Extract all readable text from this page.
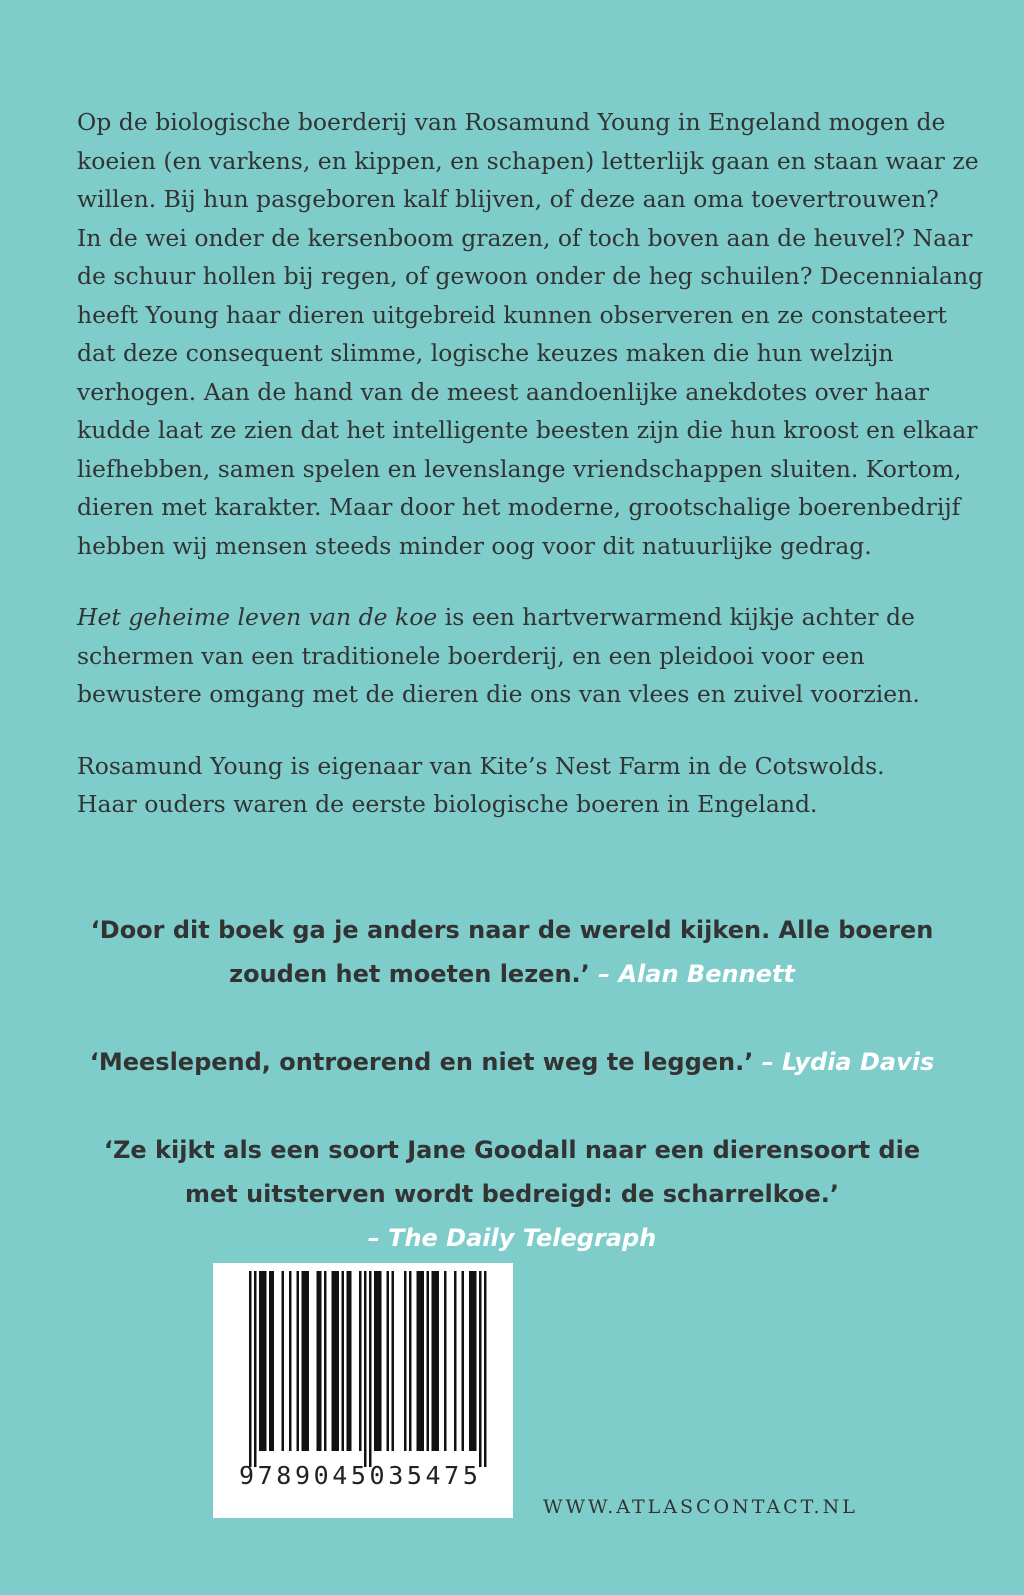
Op de biologische boerderij van Rosamund Young in Engeland mogen de
koeien (en varkens, en kippen, en schapen) letterlijk gaan en staan waar ze
willen. Bij hun pasgeboren kalf blijven, of deze aan oma toevertrouwen?
In de wei onder de kersenboom grazen, of toch boven aan de heuvel? Naar
de schuur hollen bij regen, of gewoon onder de heg schuilen? Decennialang
heeft Young haar dieren uitgebreid kunnen observeren en ze constateert
dat deze consequent slimme, logische keuzes maken die hun welzijn
verhogen. Aan de hand van de meest aandoenlijke anekdotes over haar
kudde laat ze zien dat het intelligente beesten zijn die hun kroost en elkaar
liefhebben, samen spelen en levenslange vriendschappen sluiten. Kortom,
dieren met karakter. Maar door het moderne, grootschalige boerenbedrijf
hebben wij mensen steeds minder oog voor dit natuurlijke gedrag.

Het geheime leven van de koe is een hartverwarmend kijkje achter de
schermen van een traditionele boerderij, en een pleidooi voor een
bewustere omgang met de dieren die ons van vlees en zuivel voorzien.

Rosamund Young is eigenaar van Kite’s Nest Farm in de Cotswolds.
Haar ouders waren de eerste biologische boeren in Engeland.

‘Door dit boek ga je anders naar de wereld kijken. Alle boeren
zouden het moeten lezen.’ – Alan Bennett
‘Meeslepend, ontroerend en niet weg te leggen.’ – Lydia Davis
‘Ze kijkt als een soort Jane Goodall naar een dierensoort die
met uitsterven wordt bedreigd: de scharrelkoe.’
– The Daily Telegraph
9789045035475
WWW.ATLASCONTACT.NL
